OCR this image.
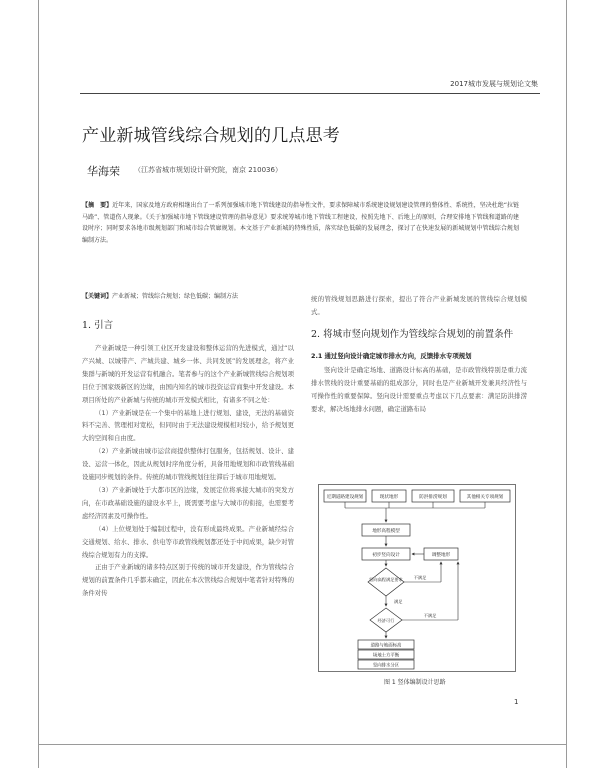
2017城市发展与规划论文集
产业新城管线综合规划的几点思考
华海荣 （江苏省城市规划设计研究院，南京 210036）
【摘　要】近年来，国家及地方政府相继出台了一系列加强城市地下管线建设的指导性文件，要求保障城市系统建设规划建设管理的整体性、系统性，坚决杜绝“拉链马路”、管道伤人现象。《关于加强城市地下管线建设管理的指导意见》要求统筹城市地下管线工程建设，按照先地下、后地上的原则，合理安排地下管线和道路的建设时序；同时要求各地市级规划部门和城市综合管廊规划。本文基于产业新城的特殊性质，落实绿色低碳的发展理念，探讨了在快速发展的新城规划中管线综合规划编制方法。
【关键词】产业新城；管线综合规划；绿色低碳；编制方法
1. 引言

产业新城是一种引领工业区开发建设和整体运营的先进模式，通过“以产兴城、以城带产、产城共建、城乡一体、共同发展”的发展理念，将产业集群与新城的开发运营有机融合。笔者参与的这个产业新城管线综合规划项目位于国家级新区的边缘，由国内知名的城市投资运营商集中开发建设。本项目所处的产业新城与传统的城市开发模式相比，有诸多不同之处：

（1）产业新城是在一个集中的基地上进行规划、建设，无法的基础资料不完善、管理相对宽松，但同时由于无法建设规模相对较小，给予规划更大的空间和自由度。

（2）产业新城由城市运营商提供整体打包服务，包括规划、设计、建设、运营一体化，因此从规划时序角度分析，具备用地规划和市政管线基础设施同步规划的条件。传统的城市管线规划往往滞后于城市用地规划。

（3）产业新城处于大都市区的边缘，发展定位将承接大城市的突发方向，在市政基础设施的建设水平上，既需要考虑与大城市的衔接，也需要考虑经济因素及可操作性。

（4）上位规划处于编制过程中，没有形成最终成果。产业新城经综合交通规划、给水、排水、供电等市政管线规划都还处于中间成果，缺少对管线综合规划有力的支撑。

正由于产业新城的诸多特点区别于传统的城市开发建设，作为管线综合规划的前置条件几乎都未确定，因此在本次管线综合规划中笔者针对特殊的条件对传

统的管线规划思路进行探索，提出了符合产业新城发展的管线综合规划模式。

2. 将城市竖向规划作为管线综合规划的前置条件
2.1 通过竖向设计确定城市排水方向，反馈排水专项规划

竖向设计是确定场地、道路设计标高的基础，是市政管线特别是重力流排水管线的设计重要基础的组成部分，同时也是产业新城开发兼具经济性与可操作性的重要保障。竖向设计需要重点考虑以下几点要素：满足防洪排涝要求，解决场地排水问题，确定道路布局

近期道路建设规划	现状地形	防洪排涝规划	其他相关专项规划
地形高程模型
初步竖向设计	调整地形
竖向高程满足要求	不满足
满足
经济可行
不满足
道路与地面标高
场地土方平衡
竖向排水分区
图 1 竖体编制设计思路
1
